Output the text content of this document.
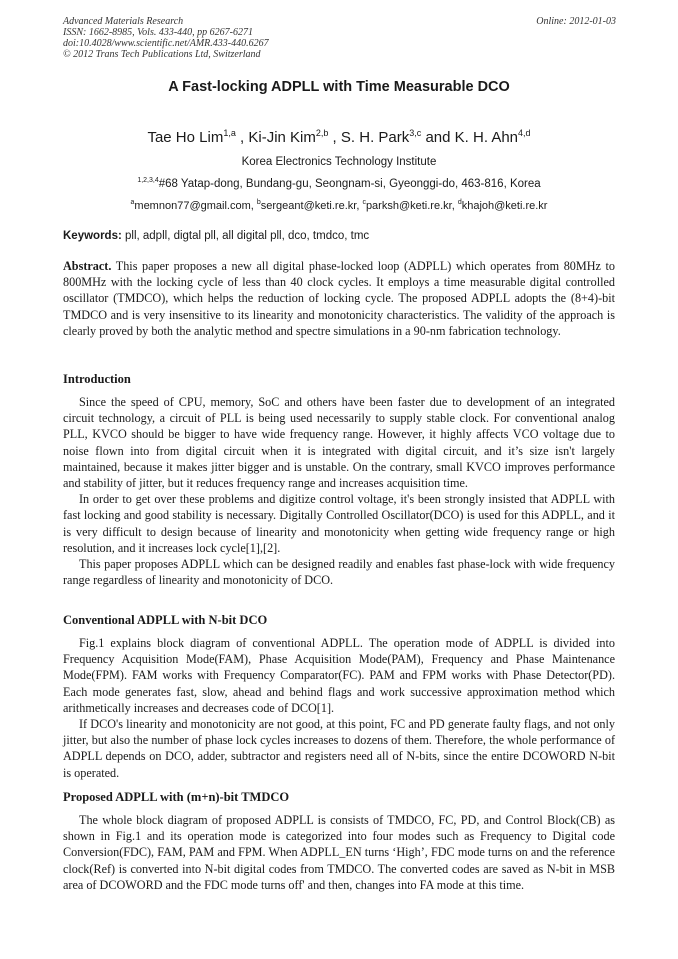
Advanced Materials Research
ISSN: 1662-8985, Vols. 433-440, pp 6267-6271
doi:10.4028/www.scientific.net/AMR.433-440.6267
© 2012 Trans Tech Publications Ltd, Switzerland
Online: 2012-01-03
A Fast-locking ADPLL with Time Measurable DCO
Tae Ho Lim$^{1,a}$ , Ki-Jin Kim$^{2,b}$ , S. H. Park$^{3,c}$ and K. H. Ahn$^{4,d}$
Korea Electronics Technology Institute
$^{1,2,3,4}$#68 Yatap-dong, Bundang-gu, Seongnam-si, Gyeonggi-do, 463-816, Korea
$^a$memnon77@gmail.com, $^b$sergeant@keti.re.kr, $^c$parksh@keti.re.kr, $^d$khajoh@keti.re.kr
Keywords: pll, adpll, digtal pll, all digital pll, dco, tmdco, tmc

Abstract. This paper proposes a new all digital phase-locked loop (ADPLL) which operates from 80MHz to 800MHz with the locking cycle of less than 40 clock cycles. It employs a time measurable digital controlled oscillator (TMDCO), which helps the reduction of locking cycle. The proposed ADPLL adopts the (8+4)-bit TMDCO and is very insensitive to its linearity and monotonicity characteristics. The validity of the approach is clearly proved by both the analytic method and spectre simulations in a 90-nm fabrication technology.

Introduction

Since the speed of CPU, memory, SoC and others have been faster due to development of an integrated circuit technology, a circuit of PLL is being used necessarily to supply stable clock. For conventional analog PLL, KVCO should be bigger to have wide frequency range. However, it highly affects VCO voltage due to noise flown into from digital circuit when it is integrated with digital circuit, and it’s size isn't largely maintained, because it makes jitter bigger and is unstable. On the contrary, small KVCO improves performance and stability of jitter, but it reduces frequency range and increases acquisition time.

In order to get over these problems and digitize control voltage, it's been strongly insisted that ADPLL with fast locking and good stability is necessary. Digitally Controlled Oscillator(DCO) is used for this ADPLL, and it is very difficult to design because of linearity and monotonicity when getting wide frequency range or high resolution, and it increases lock cycle[1],[2].

This paper proposes ADPLL which can be designed readily and enables fast phase-lock with wide frequency range regardless of linearity and monotonicity of DCO.

Conventional ADPLL with N-bit DCO

Fig.1 explains block diagram of conventional ADPLL. The operation mode of ADPLL is divided into Frequency Acquisition Mode(FAM), Phase Acquisition Mode(PAM), Frequency and Phase Maintenance Mode(FPM). FAM works with Frequency Comparator(FC). PAM and FPM works with Phase Detector(PD). Each mode generates fast, slow, ahead and behind flags and work successive approximation method which arithmetically increases and decreases code of DCO[1].

If DCO's linearity and monotonicity are not good, at this point, FC and PD generate faulty flags, and not only jitter, but also the number of phase lock cycles increases to dozens of them. Therefore, the whole performance of ADPLL depends on DCO, adder, subtractor and registers need all of N-bits, since the entire DCOWORD N-bit is operated.

Proposed ADPLL with (m+n)-bit TMDCO

The whole block diagram of proposed ADPLL is consists of TMDCO, FC, PD, and Control Block(CB) as shown in Fig.1 and its operation mode is categorized into four modes such as Frequency to Digital code Conversion(FDC), FAM, PAM and FPM. When ADPLL_EN turns ‘High’, FDC mode turns on and the reference clock(Ref) is converted into N-bit digital codes from TMDCO. The converted codes are saved as N-bit in MSB area of DCOWORD and the FDC mode turns off' and then, changes into FA mode at this time.
